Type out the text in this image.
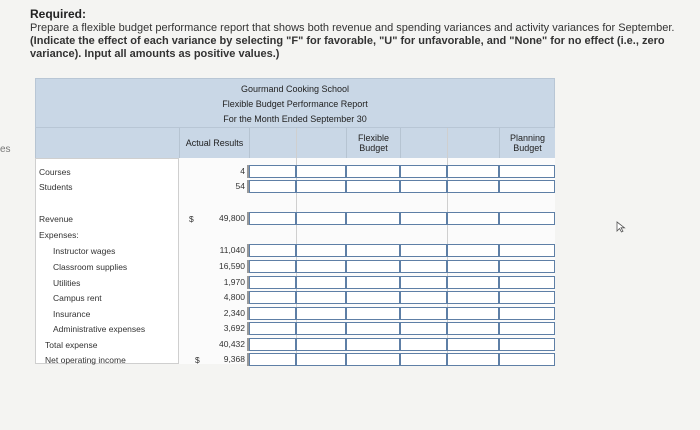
es
Required:
Prepare a flexible budget performance report that shows both revenue and spending variances and activity variances for September. (Indicate the effect of each variance by selecting "F" for favorable, "U" for unfavorable, and "None" for no effect (i.e., zero variance). Input all amounts as positive values.)
Gourmand Cooking School
Flexible Budget Performance Report
For the Month Ended September 30
Actual Results	Flexible Budget
Planning Budget
Courses
Students
Revenue
Expenses:
Instructor wages
Classroom supplies
Utilities
Campus rent
Insurance
Administrative expenses
Total expense
Net operating income
$
$
4
54
49,800
11,040
16,590
1,970
4,800
2,340
3,692
40,432
9,368
